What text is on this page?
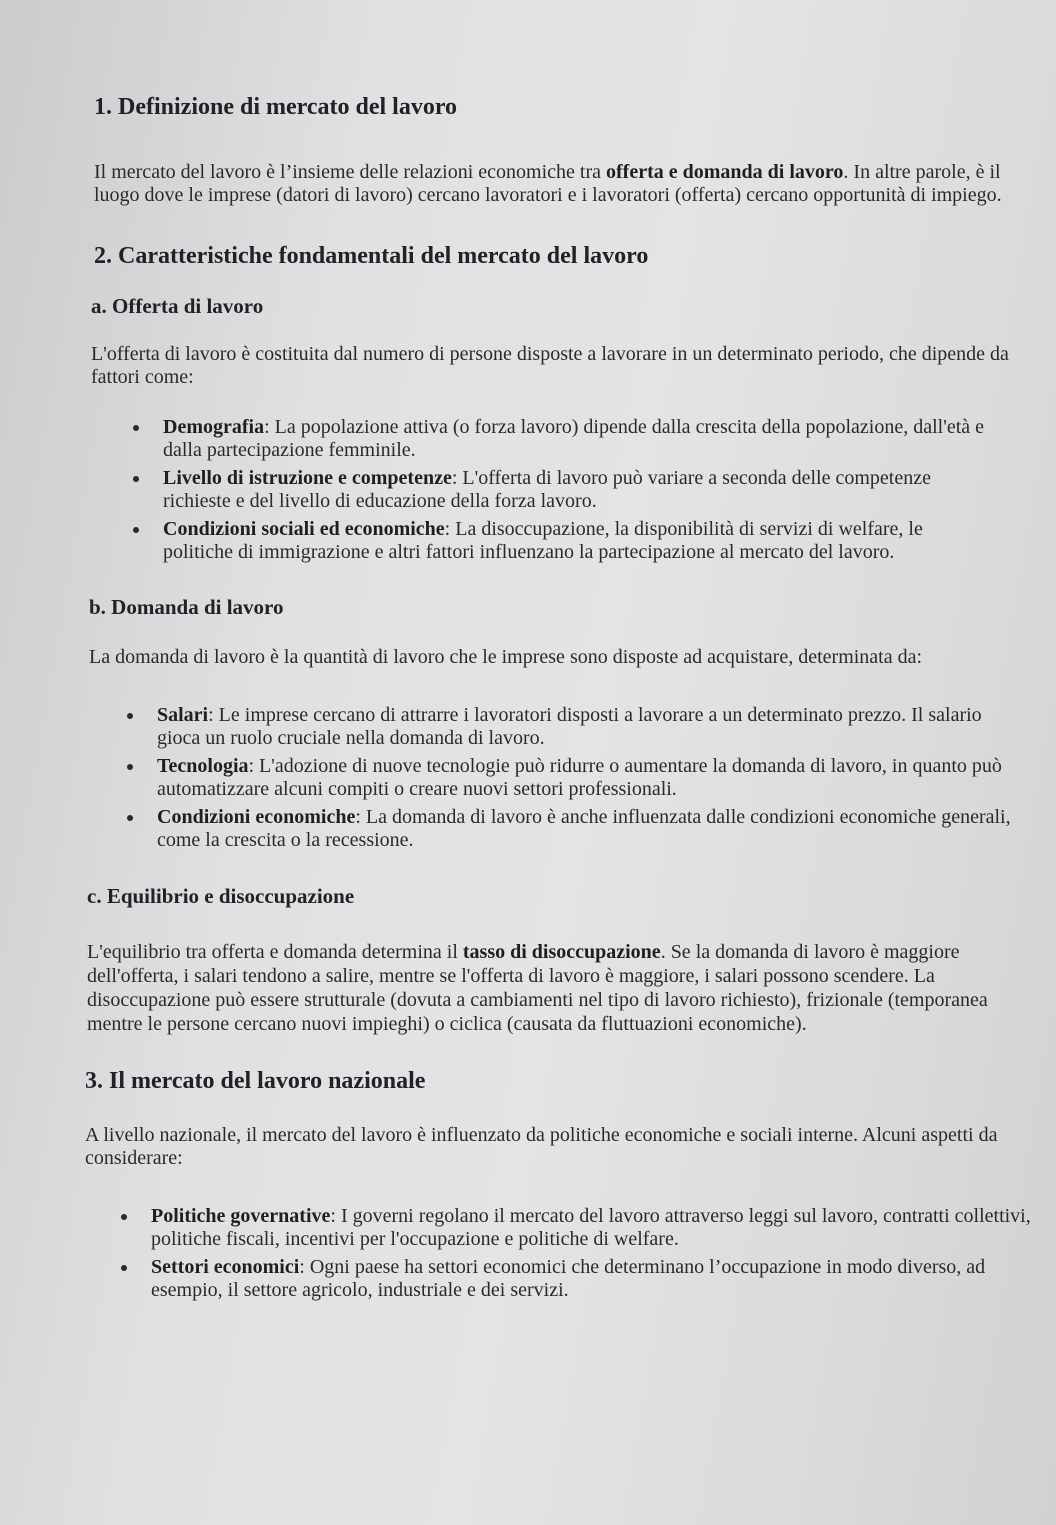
1. Definizione di mercato del lavoro

Il mercato del lavoro è l’insieme delle relazioni economiche tra offerta e domanda di lavoro. In altre parole, è il luogo dove le imprese (datori di lavoro) cercano lavoratori e i lavoratori (offerta) cercano opportunità di impiego.

2. Caratteristiche fondamentali del mercato del lavoro
a. Offerta di lavoro

L'offerta di lavoro è costituita dal numero di persone disposte a lavorare in un determinato periodo, che dipende da fattori come:

Demografia: La popolazione attiva (o forza lavoro) dipende dalla crescita della popolazione, dall'età e dalla partecipazione femminile.
Livello di istruzione e competenze: L'offerta di lavoro può variare a seconda delle competenze richieste e del livello di educazione della forza lavoro.
Condizioni sociali ed economiche: La disoccupazione, la disponibilità di servizi di welfare, le politiche di immigrazione e altri fattori influenzano la partecipazione al mercato del lavoro.
b. Domanda di lavoro

La domanda di lavoro è la quantità di lavoro che le imprese sono disposte ad acquistare, determinata da:

Salari: Le imprese cercano di attrarre i lavoratori disposti a lavorare a un determinato prezzo. Il salario gioca un ruolo cruciale nella domanda di lavoro.
Tecnologia: L'adozione di nuove tecnologie può ridurre o aumentare la domanda di lavoro, in quanto può automatizzare alcuni compiti o creare nuovi settori professionali.
Condizioni economiche: La domanda di lavoro è anche influenzata dalle condizioni economiche generali, come la crescita o la recessione.
c. Equilibrio e disoccupazione

L'equilibrio tra offerta e domanda determina il tasso di disoccupazione. Se la domanda di lavoro è maggiore dell'offerta, i salari tendono a salire, mentre se l'offerta di lavoro è maggiore, i salari possono scendere. La disoccupazione può essere strutturale (dovuta a cambiamenti nel tipo di lavoro richiesto), frizionale (temporanea mentre le persone cercano nuovi impieghi) o ciclica (causata da fluttuazioni economiche).

3. Il mercato del lavoro nazionale

A livello nazionale, il mercato del lavoro è influenzato da politiche economiche e sociali interne. Alcuni aspetti da considerare:

Politiche governative: I governi regolano il mercato del lavoro attraverso leggi sul lavoro, contratti collettivi, politiche fiscali, incentivi per l'occupazione e politiche di welfare.
Settori economici: Ogni paese ha settori economici che determinano l’occupazione in modo diverso, ad esempio, il settore agricolo, industriale e dei servizi.
